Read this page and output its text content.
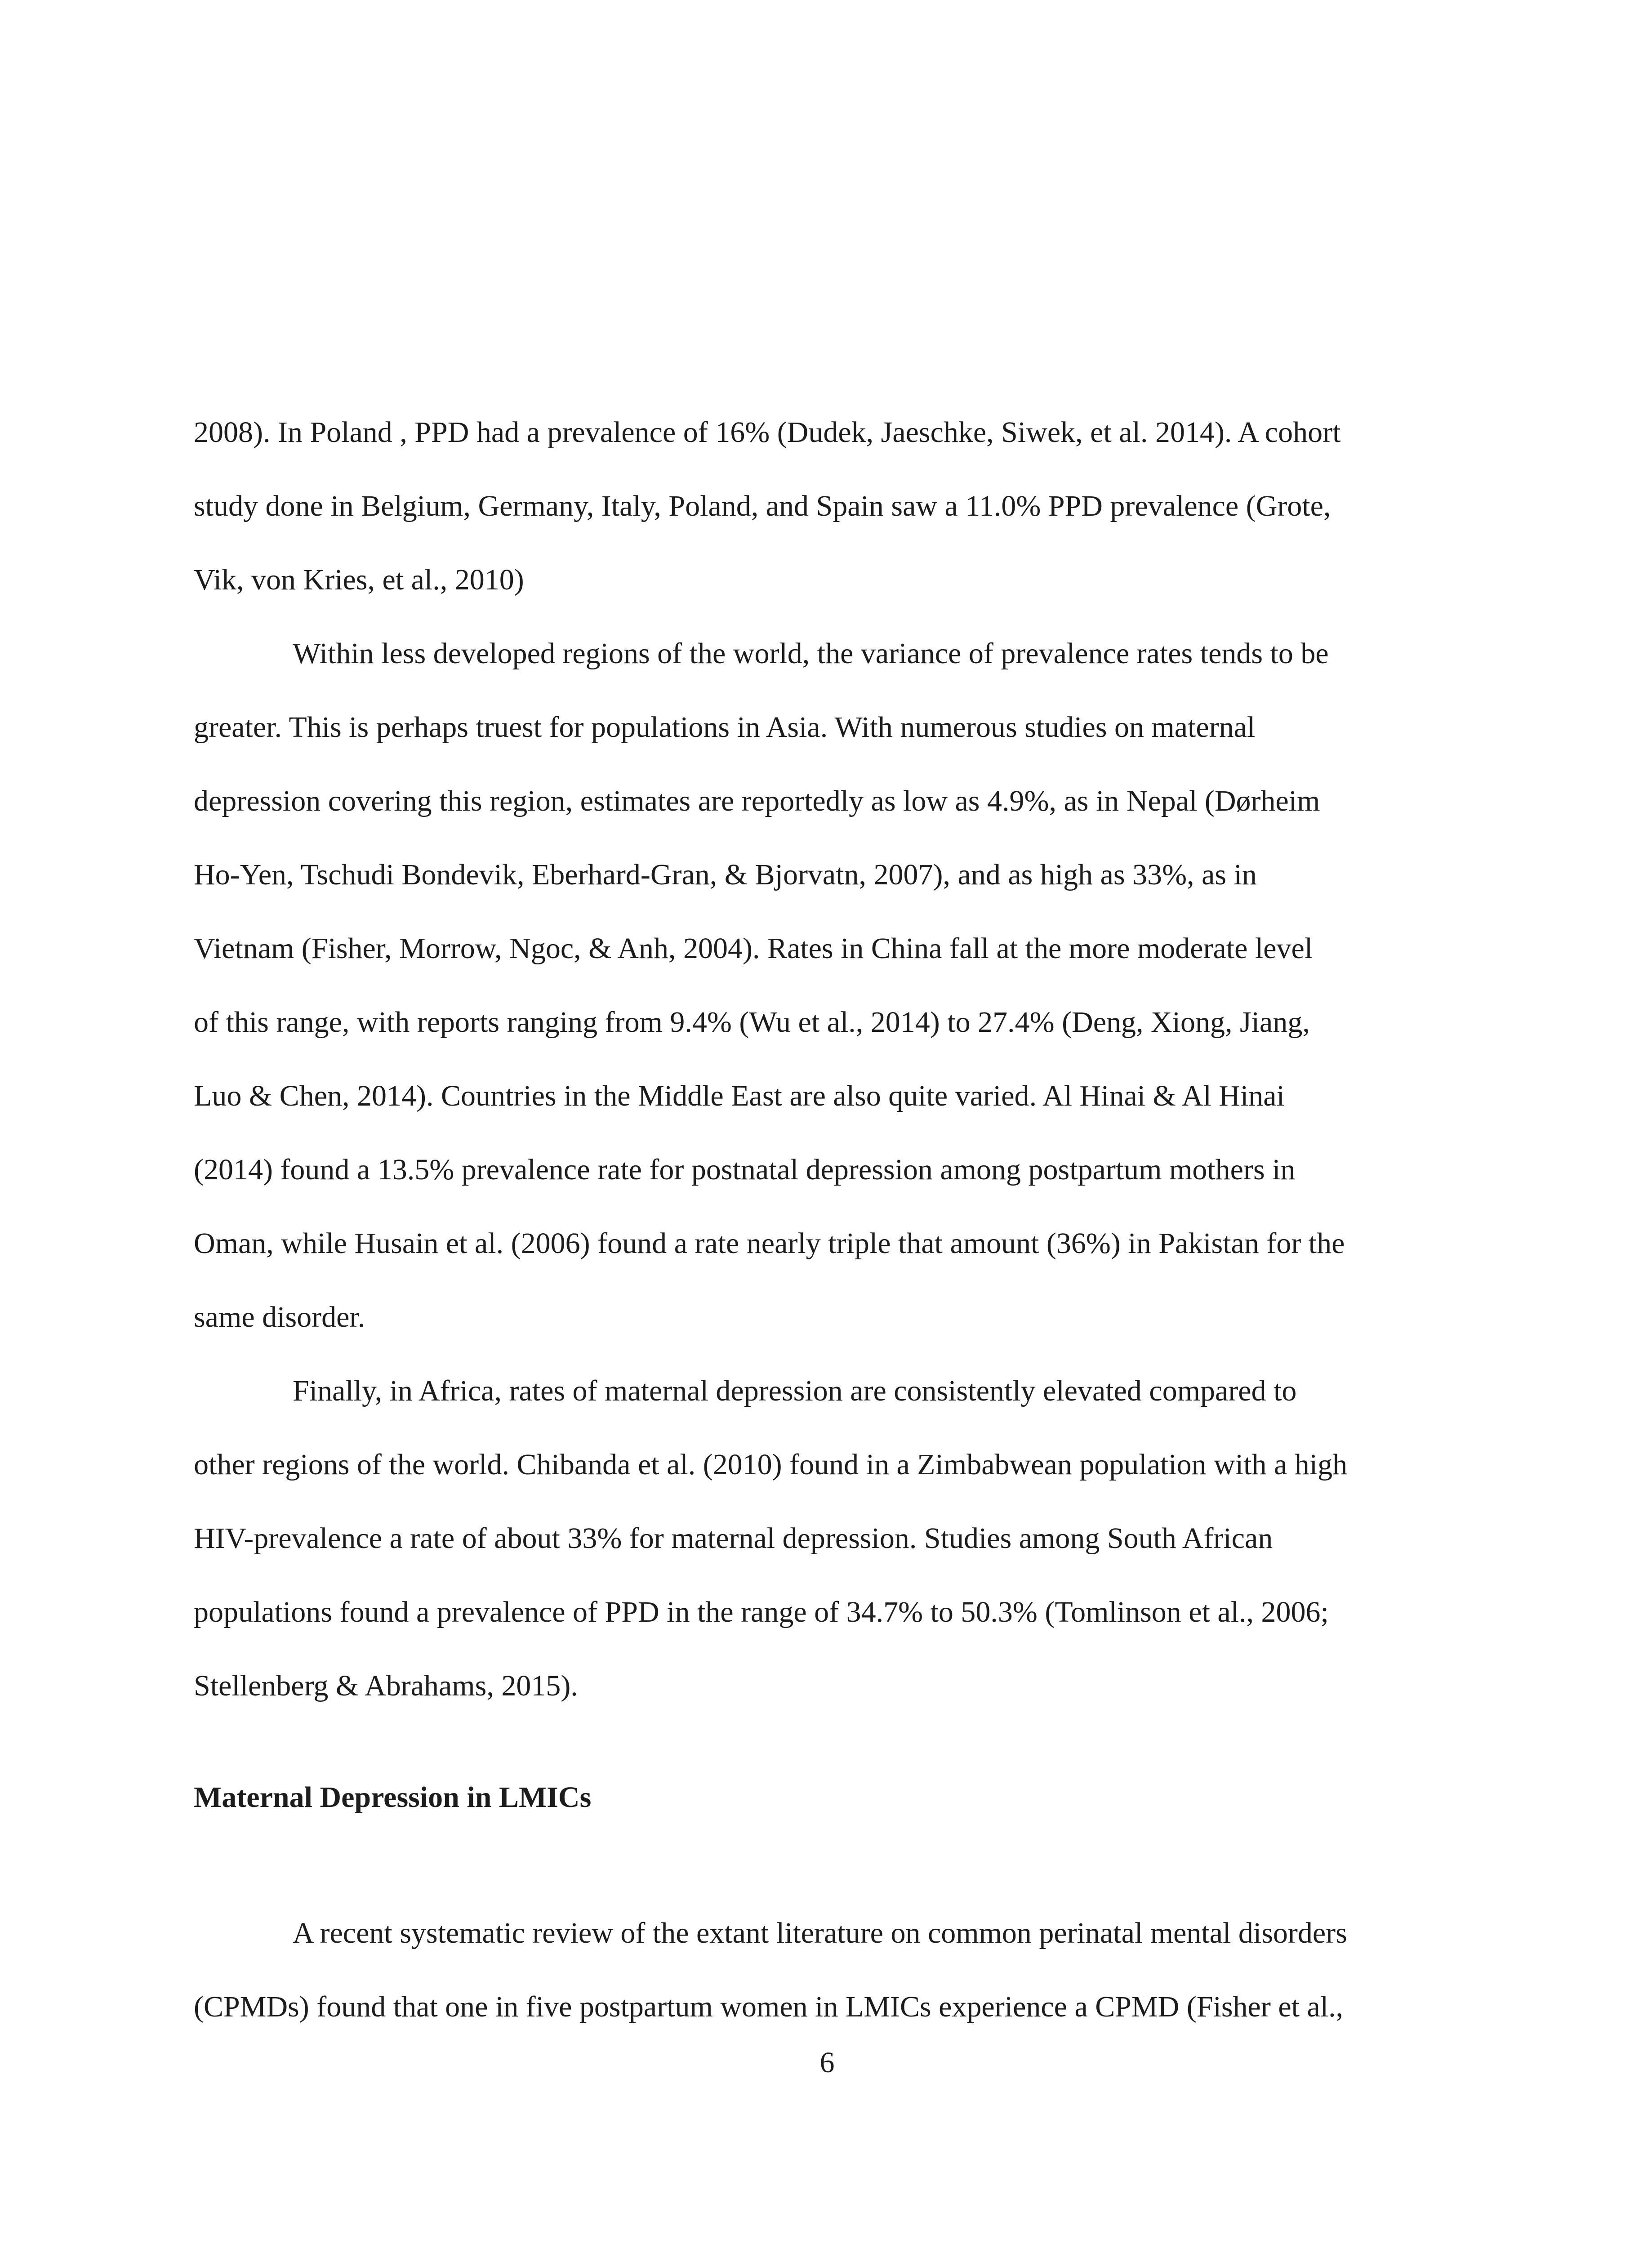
2008). In Poland , PPD had a prevalence of 16% (Dudek, Jaeschke, Siwek, et al. 2014). A cohort
study done in Belgium, Germany, Italy, Poland, and Spain saw a 11.0% PPD prevalence (Grote,
Vik, von Kries, et al., 2010)
Within less developed regions of the world, the variance of prevalence rates tends to be
greater. This is perhaps truest for populations in Asia. With numerous studies on maternal
depression covering this region, estimates are reportedly as low as 4.9%, as in Nepal (Dørheim
Ho-Yen, Tschudi Bondevik, Eberhard-Gran, & Bjorvatn, 2007), and as high as 33%, as in
Vietnam (Fisher, Morrow, Ngoc, & Anh, 2004). Rates in China fall at the more moderate level
of this range, with reports ranging from 9.4% (Wu et al., 2014) to 27.4% (Deng, Xiong, Jiang,
Luo & Chen, 2014). Countries in the Middle East are also quite varied. Al Hinai & Al Hinai
(2014) found a 13.5% prevalence rate for postnatal depression among postpartum mothers in
Oman, while Husain et al. (2006) found a rate nearly triple that amount (36%) in Pakistan for the
same disorder.
Finally, in Africa, rates of maternal depression are consistently elevated compared to
other regions of the world. Chibanda et al. (2010) found in a Zimbabwean population with a high
HIV-prevalence a rate of about 33% for maternal depression. Studies among South African
populations found a prevalence of PPD in the range of 34.7% to 50.3% (Tomlinson et al., 2006;
Stellenberg & Abrahams, 2015).
Maternal Depression in LMICs
A recent systematic review of the extant literature on common perinatal mental disorders
(CPMDs) found that one in five postpartum women in LMICs experience a CPMD (Fisher et al.,
6
